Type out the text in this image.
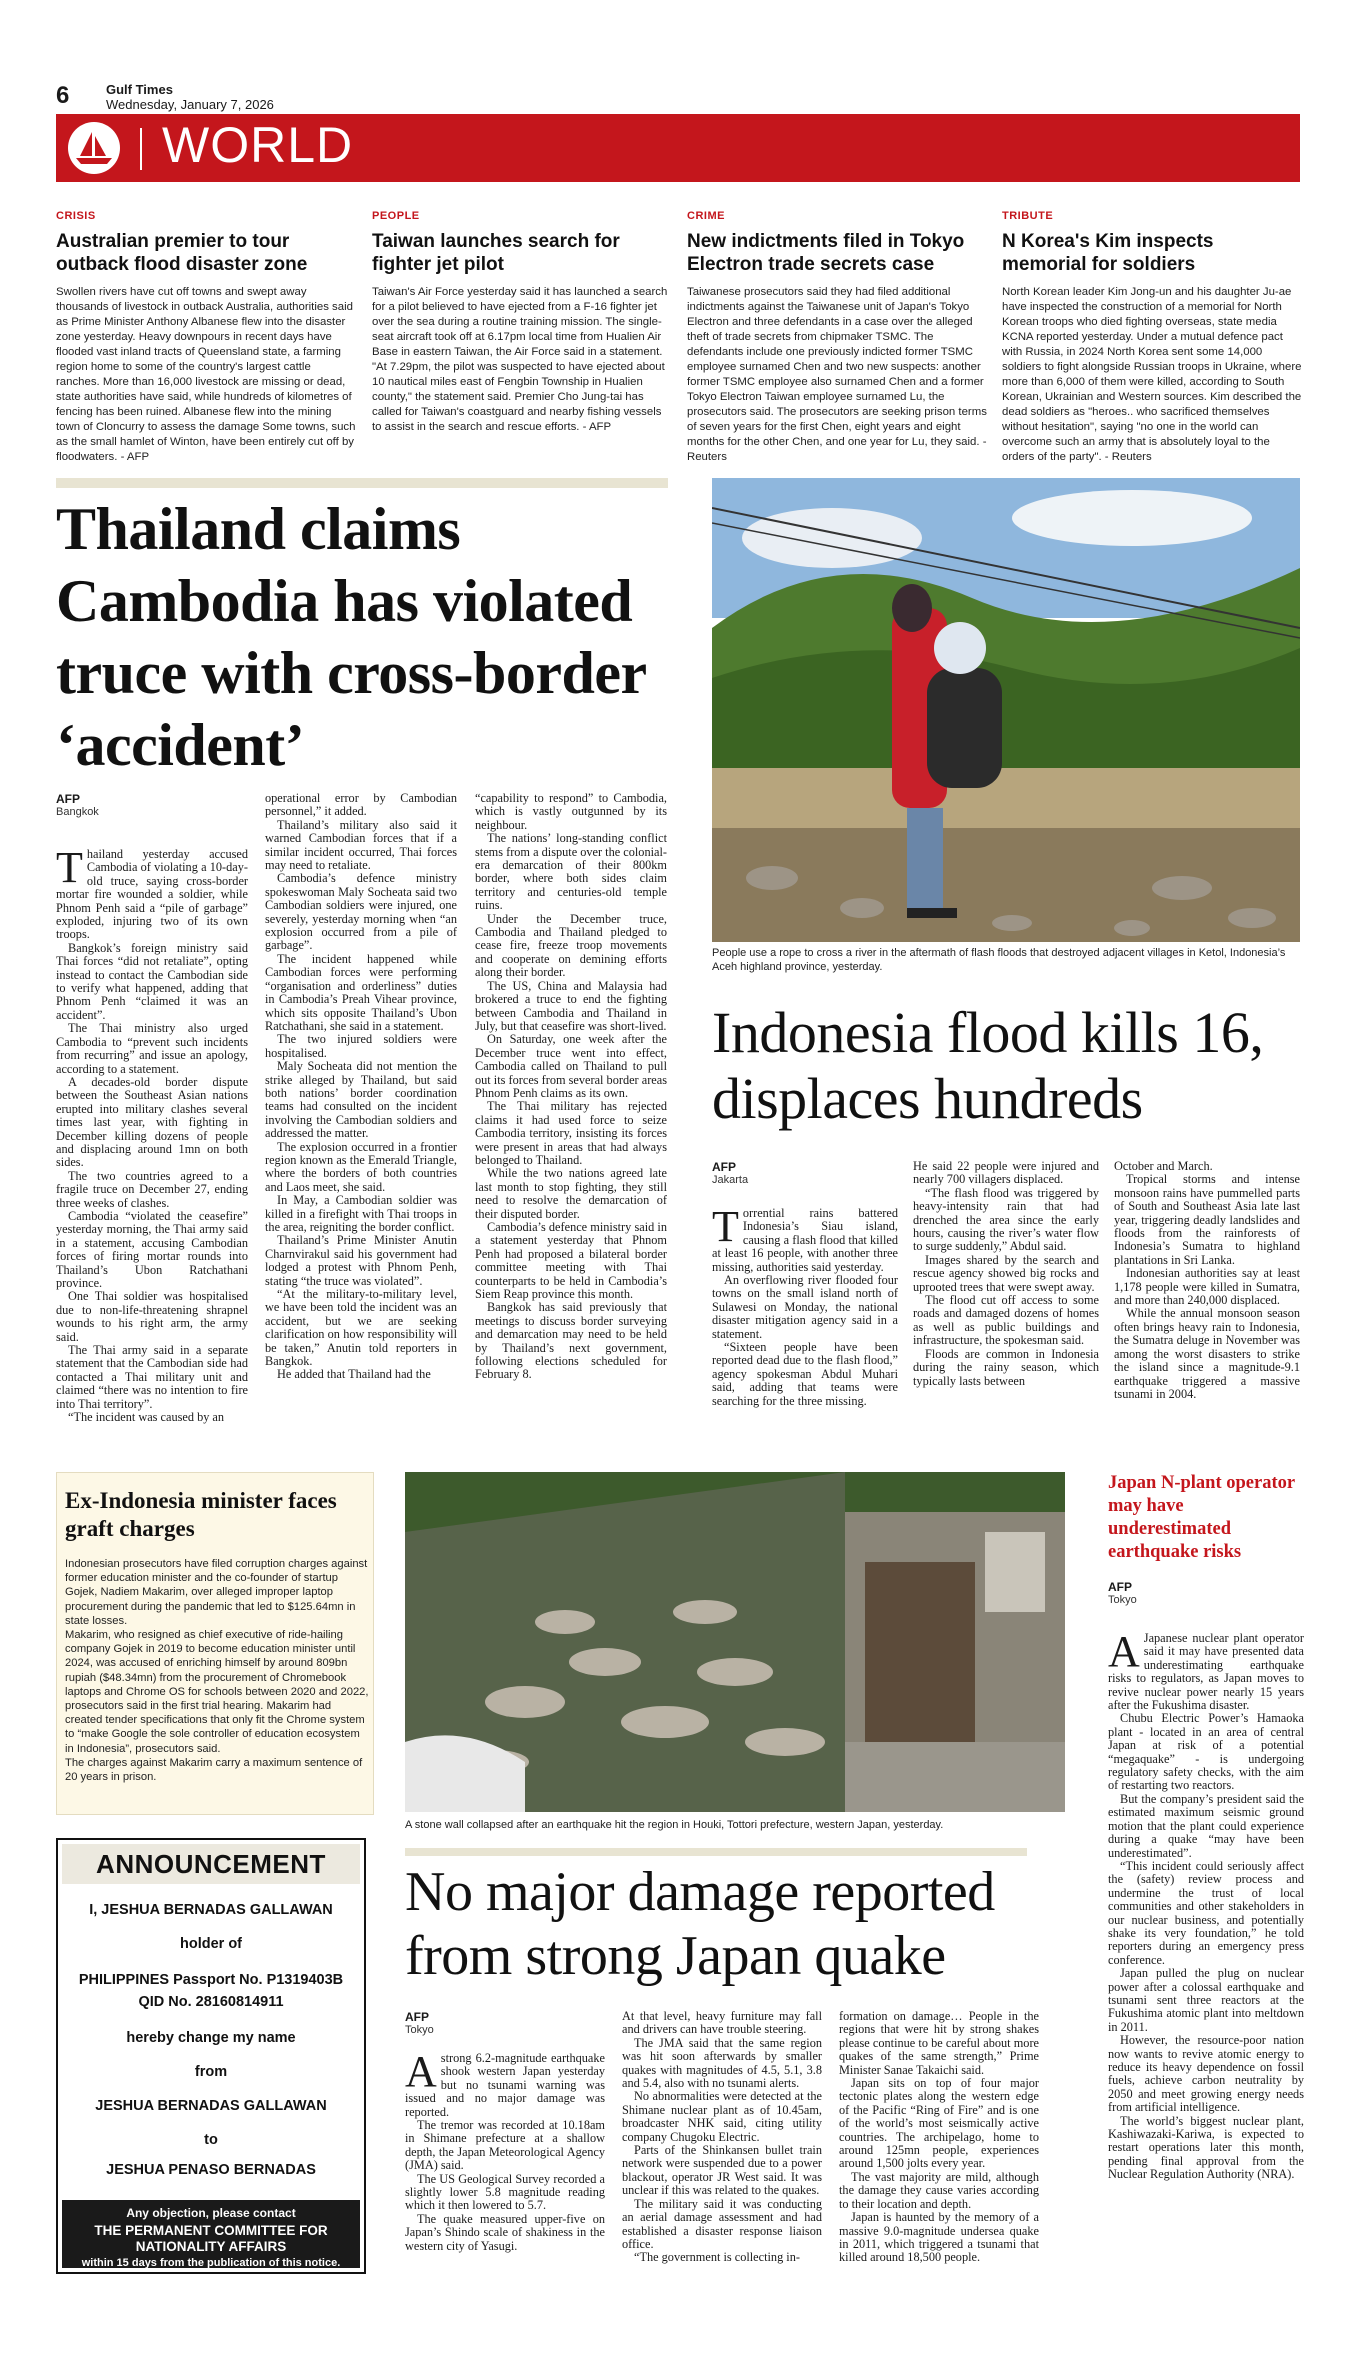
6	Gulf Times
Wednesday, January 7, 2026
WORLD
CRISIS
Australian premier to tour outback flood disaster zone
Swollen rivers have cut off towns and swept away thousands of livestock in outback Australia, authorities said as Prime Minister Anthony Albanese flew into the disaster zone yesterday. Heavy downpours in recent days have flooded vast inland tracts of Queensland state, a farming region home to some of the country's largest cattle ranches. More than 16,000 livestock are missing or dead, state authorities have said, while hundreds of kilometres of fencing has been ruined. Albanese flew into the mining town of Cloncurry to assess the damage Some towns, such as the small hamlet of Winton, have been entirely cut off by floodwaters. - AFP
PEOPLE
Taiwan launches search for fighter jet pilot
Taiwan's Air Force yesterday said it has launched a search for a pilot believed to have ejected from a F-16 fighter jet over the sea during a routine training mission. The single-seat aircraft took off at 6.17pm local time from Hualien Air Base in eastern Taiwan, the Air Force said in a statement. "At 7.29pm, the pilot was suspected to have ejected about 10 nautical miles east of Fengbin Township in Hualien county," the statement said. Premier Cho Jung-tai has called for Taiwan's coastguard and nearby fishing vessels to assist in the search and rescue efforts. - AFP
CRIME
New indictments filed in Tokyo Electron trade secrets case
Taiwanese prosecutors said they had filed additional indictments against the Taiwanese unit of Japan's Tokyo Electron and three defendants in a case over the alleged theft of trade secrets from chipmaker TSMC. The defendants include one previously indicted former TSMC employee surnamed Chen and two new suspects: another former TSMC employee also surnamed Chen and a former Tokyo Electron Taiwan employee surnamed Lu, the prosecutors said. The prosecutors are seeking prison terms of seven years for the first Chen, eight years and eight months for the other Chen, and one year for Lu, they said. - Reuters
TRIBUTE
N Korea's Kim inspects memorial for soldiers
North Korean leader Kim Jong-un and his daughter Ju-ae have inspected the construction of a memorial for North Korean troops who died fighting overseas, state media KCNA reported yesterday. Under a mutual defence pact with Russia, in 2024 North Korea sent some 14,000 soldiers to fight alongside Russian troops in Ukraine, where more than 6,000 of them were killed, according to South Korean, Ukrainian and Western sources. Kim described the dead soldiers as "heroes.. who sacrificed themselves without hesitation", saying "no one in the world can overcome such an army that is absolutely loyal to the orders of the party". - Reuters
Thailand claims Cambodia has violated truce with cross-border ‘accident’
AFP
Bangkok
T hailand yesterday accused Cambodia of violating a 10-day-old truce, saying cross-border mortar fire wounded a soldier, while Phnom Penh said a “pile of garbage” exploded, injuring two of its own troops.

Bangkok’s foreign ministry said Thai forces “did not retaliate”, opting instead to contact the Cambodian side to verify what happened, adding that Phnom Penh “claimed it was an accident”.

The Thai ministry also urged Cambodia to “prevent such incidents from recurring” and issue an apology, according to a statement.

A decades-old border dispute between the Southeast Asian nations erupted into military clashes several times last year, with fighting in December killing dozens of people and displacing around 1mn on both sides.

The two countries agreed to a fragile truce on December 27, ending three weeks of clashes.

Cambodia “violated the ceasefire” yesterday morning, the Thai army said in a statement, accusing Cambodian forces of firing mortar rounds into Thailand’s Ubon Ratchathani province.

One Thai soldier was hospitalised due to non-life-threatening shrapnel wounds to his right arm, the army said.

The Thai army said in a separate statement that the Cambodian side had contacted a Thai military unit and claimed “there was no intention to fire into Thai territory”.

“The incident was caused by an

operational error by Cambodian personnel,” it added.

Thailand’s military also said it warned Cambodian forces that if a similar incident occurred, Thai forces may need to retaliate.

Cambodia’s defence ministry spokeswoman Maly Socheata said two Cambodian soldiers were injured, one severely, yesterday morning when “an explosion occurred from a pile of garbage”.

The incident happened while Cambodian forces were performing “organisation and orderliness” duties in Cambodia’s Preah Vihear province, which sits opposite Thailand’s Ubon Ratchathani, she said in a statement.

The two injured soldiers were hospitalised.

Maly Socheata did not mention the strike alleged by Thailand, but said both nations’ border coordination teams had consulted on the incident involving the Cambodian soldiers and addressed the matter.

The explosion occurred in a frontier region known as the Emerald Triangle, where the borders of both countries and Laos meet, she said.

In May, a Cambodian soldier was killed in a firefight with Thai troops in the area, reigniting the border conflict.

Thailand’s Prime Minister Anutin Charnvirakul said his government had lodged a protest with Phnom Penh, stating “the truce was violated”.

“At the military-to-military level, we have been told the incident was an accident, but we are seeking clarification on how responsibility will be taken,” Anutin told reporters in Bangkok.

He added that Thailand had the

“capability to respond” to Cambodia, which is vastly outgunned by its neighbour.

The nations’ long-standing conflict stems from a dispute over the colonial-era demarcation of their 800km border, where both sides claim territory and centuries-old temple ruins.

Under the December truce, Cambodia and Thailand pledged to cease fire, freeze troop movements and cooperate on demining efforts along their border.

The US, China and Malaysia had brokered a truce to end the fighting between Cambodia and Thailand in July, but that ceasefire was short-lived.

On Saturday, one week after the December truce went into effect, Cambodia called on Thailand to pull out its forces from several border areas Phnom Penh claims as its own.

The Thai military has rejected claims it had used force to seize Cambodia territory, insisting its forces were present in areas that had always belonged to Thailand.

While the two nations agreed late last month to stop fighting, they still need to resolve the demarcation of their disputed border.

Cambodia’s defence ministry said in a statement yesterday that Phnom Penh had proposed a bilateral border committee meeting with Thai counterparts to be held in Cambodia’s Siem Reap province this month.

Bangkok has said previously that meetings to discuss border surveying and demarcation may need to be held by Thailand’s next government, following elections scheduled for February 8.

People use a rope to cross a river in the aftermath of flash floods that destroyed adjacent villages in Ketol, Indonesia’s Aceh highland province, yesterday.
Indonesia flood kills 16, displaces hundreds
AFP
Jakarta
T orrential rains battered Indonesia’s Siau island, causing a flash flood that killed at least 16 people, with another three missing, authorities said yesterday.

An overflowing river flooded four towns on the small island north of Sulawesi on Monday, the national disaster mitigation agency said in a statement.

“Sixteen people have been reported dead due to the flash flood,” agency spokesman Abdul Muhari said, adding that teams were searching for the three missing.

He said 22 people were injured and nearly 700 villagers displaced.

“The flash flood was triggered by heavy-intensity rain that had drenched the area since the early hours, causing the river’s water flow to surge suddenly,” Abdul said.

Images shared by the search and rescue agency showed big rocks and uprooted trees that were swept away.

The flood cut off access to some roads and damaged dozens of homes as well as public buildings and infrastructure, the spokesman said.

Floods are common in Indonesia during the rainy season, which typically lasts between

October and March.

Tropical storms and intense monsoon rains have pummelled parts of South and Southeast Asia late last year, triggering deadly landslides and floods from the rainforests of Indonesia’s Sumatra to highland plantations in Sri Lanka.

Indonesian authorities say at least 1,178 people were killed in Sumatra, and more than 240,000 displaced.

While the annual monsoon season often brings heavy rain to Indonesia, the Sumatra deluge in November was among the worst disasters to strike the island since a magnitude-9.1 earthquake triggered a massive tsunami in 2004.

Ex-Indonesia minister faces graft charges
Indonesian prosecutors have filed corruption charges against former education minister and the co-founder of startup Gojek, Nadiem Makarim, over alleged improper laptop procurement during the pandemic that led to $125.64mn in state losses.
Makarim, who resigned as chief executive of ride-hailing company Gojek in 2019 to become education minister until 2024, was accused of enriching himself by around 809bn rupiah ($48.34mn) from the procurement of Chromebook laptops and Chrome OS for schools between 2020 and 2022, prosecutors said in the first trial hearing. Makarim had created tender specifications that only fit the Chrome system to “make Google the sole controller of education ecosystem in Indonesia”, prosecutors said.
The charges against Makarim carry a maximum sentence of 20 years in prison.
ANNOUNCEMENT
I, JESHUA BERNADAS GALLAWAN
holder of
PHILIPPINES Passport No. P1319403B
QID No. 28160814911
hereby change my name
from
JESHUA BERNADAS GALLAWAN
to
JESHUA PENASO BERNADAS
Any objection, please contact
THE PERMANENT COMMITTEE FOR NATIONALITY AFFAIRS
within 15 days from the publication of this notice.
A stone wall collapsed after an earthquake hit the region in Houki, Tottori prefecture, western Japan, yesterday.
No major damage reported from strong Japan quake
AFP
Tokyo
A strong 6.2-magnitude earthquake shook western Japan yesterday but no tsunami warning was issued and no major damage was reported.

The tremor was recorded at 10.18am in Shimane prefecture at a shallow depth, the Japan Meteorological Agency (JMA) said.

The US Geological Survey recorded a slightly lower 5.8 magnitude reading which it then lowered to 5.7.

The quake measured upper-five on Japan’s Shindo scale of shakiness in the western city of Yasugi.

At that level, heavy furniture may fall and drivers can have trouble steering.

The JMA said that the same region was hit soon afterwards by smaller quakes with magnitudes of 4.5, 5.1, 3.8 and 5.4, also with no tsunami alerts.

No abnormalities were detected at the Shimane nuclear plant as of 10.45am, broadcaster NHK said, citing utility company Chugoku Electric.

Parts of the Shinkansen bullet train network were suspended due to a power blackout, operator JR West said. It was unclear if this was related to the quakes.

The military said it was conducting an aerial damage assessment and had established a disaster response liaison office.

“The government is collecting in-

formation on damage… People in the regions that were hit by strong shakes please continue to be careful about more quakes of the same strength,” Prime Minister Sanae Takaichi said.

Japan sits on top of four major tectonic plates along the western edge of the Pacific “Ring of Fire” and is one of the world’s most seismically active countries. The archipelago, home to around 125mn people, experiences around 1,500 jolts every year.

The vast majority are mild, although the damage they cause varies according to their location and depth.

Japan is haunted by the memory of a massive 9.0-magnitude undersea quake in 2011, which triggered a tsunami that killed around 18,500 people.

Japan N-plant operator may have underestimated earthquake risks
AFP
Tokyo
A Japanese nuclear plant operator said it may have presented data underestimating earthquake risks to regulators, as Japan moves to revive nuclear power nearly 15 years after the Fukushima disaster.

Chubu Electric Power’s Hamaoka plant - located in an area of central Japan at risk of a potential “megaquake” - is undergoing regulatory safety checks, with the aim of restarting two reactors.

But the company’s president said the estimated maximum seismic ground motion that the plant could experience during a quake “may have been underestimated”.

“This incident could seriously affect the (safety) review process and undermine the trust of local communities and other stakeholders in our nuclear business, and potentially shake its very foundation,” he told reporters during an emergency press conference.

Japan pulled the plug on nuclear power after a colossal earthquake and tsunami sent three reactors at the Fukushima atomic plant into meltdown in 2011.

However, the resource-poor nation now wants to revive atomic energy to reduce its heavy dependence on fossil fuels, achieve carbon neutrality by 2050 and meet growing energy needs from artificial intelligence.

The world’s biggest nuclear plant, Kashiwazaki-Kariwa, is expected to restart operations later this month, pending final approval from the Nuclear Regulation Authority (NRA).
